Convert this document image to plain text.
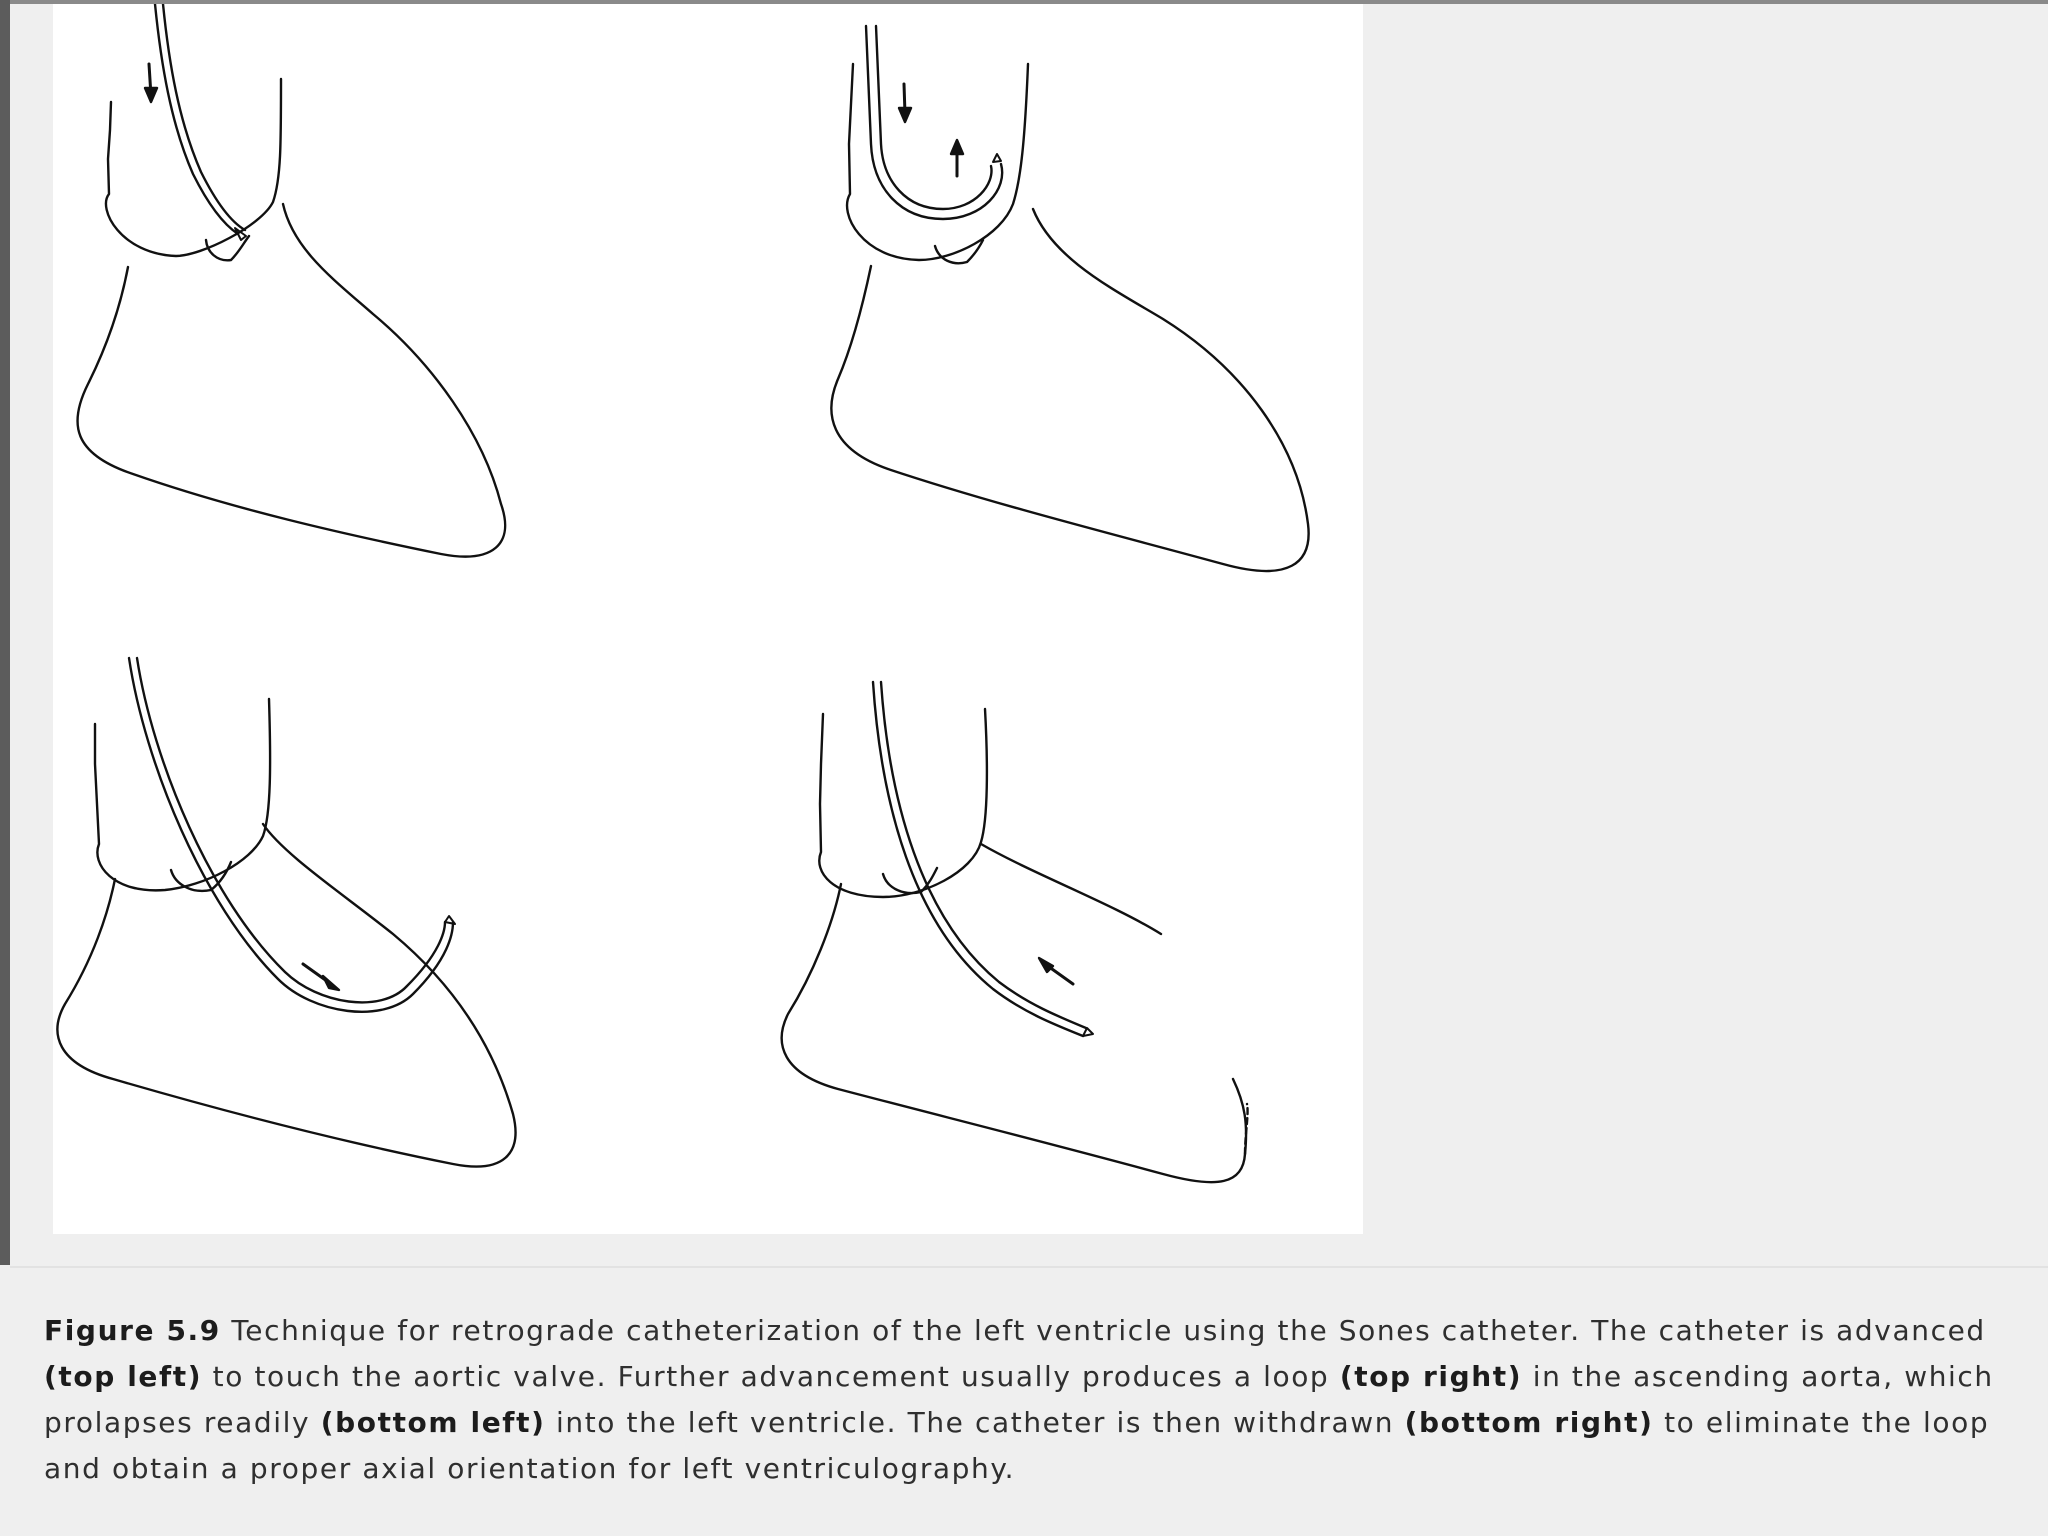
Figure 5.9 Technique for retrograde catheterization of the left ventricle using the Sones catheter. The catheter is advanced (top left) to touch the aortic valve. Further advancement usually produces a loop (top right) in the ascending aorta, which prolapses readily (bottom left) into the left ventricle. The catheter is then withdrawn (bottom right) to eliminate the loop and obtain a proper axial orientation for left ventriculography.
